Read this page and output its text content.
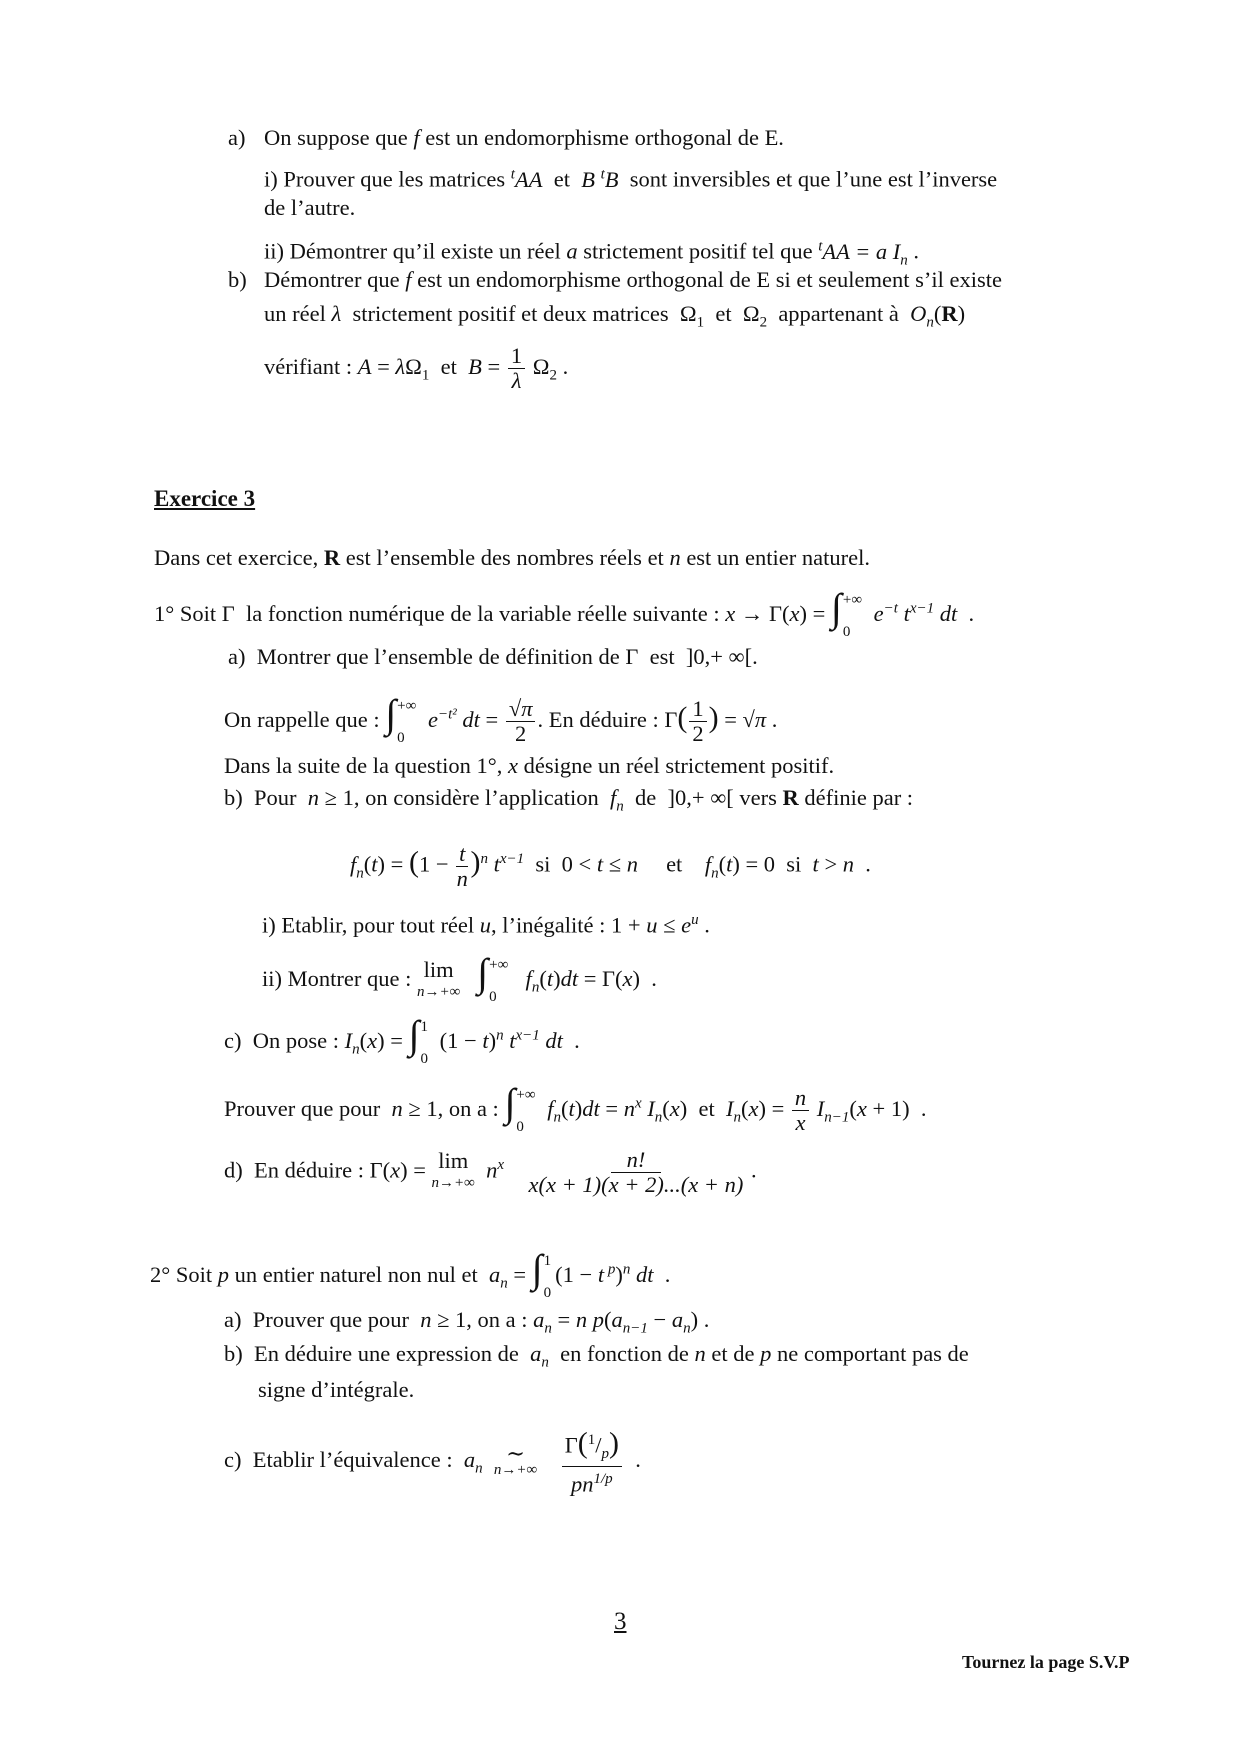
a) On suppose que f est un endomorphisme orthogonal de E.
i) Prouver que les matrices $^t$AA  et  B $^t$B  sont inversibles et que l’une est l’inverse
de l’autre.
ii) Démontrer qu’il existe un réel a strictement positif tel que $^t$AA = a $I_n$ .
b) Démontrer que f est un endomorphisme orthogonal de E si et seulement s’il existe
un réel λ  strictement positif et deux matrices  $\Omega_1$  et  $\Omega_2$  appartenant à  $O_n(R)$
vérifiant : $A = \lambda\Omega_1$  et  $B = \frac{1}{\lambda} \Omega_2$ .
Exercice 3
Dans cet exercice, R est l’ensemble des nombres réels et n est un entier naturel.
1° Soit Γ  la fonction numérique de la variable réelle suivante : x → Γ(x) = ∫+∞

0 $e^{-t}$ $t^{x-1}$ dt  .
a)  Montrer que l’ensemble de définition de Γ  est  ]0,+ ∞[.
On rappelle que : ∫+∞

0 $e^{-t^2}$ dt = $\frac{√\pi}{2}$ . En déduire : $\Gamma( \frac{1}{2}$ ) = √π .
Dans la suite de la question 1°, x désigne un réel strictement positif.
b)  Pour  n ≥ 1, on considère l’application  $f_n$  de  ]0,+ ∞[ vers R définie par :
$f_n(t) = (1 - \frac{t}{n} )^n$ $t^{x-1}$  si  0 < t ≤ n     et    $f_n(t) = 0$  si  t > n  .
i) Etablir, pour tout réel u, l’inégalité : $1 + u \le e^u$ .
ii) Montrer que : lim
n→+∞ ∫+∞

0  $f_n(t)dt = \Gamma(x)$  .
c)  On pose : $I_n(x) = \int 1$

0 $(1 - t)^n$ $t^{x-1}$ dt  .
Prouver que pour  n ≥ 1, on a : ∫+∞

0 $f_n(t)dt = n^x$ $I_n(x)$  et  $I_n(x) = \frac{n}{x} I_{n-1}(x + 1)$  .
d)  En déduire : Γ(x) = lim
n→+∞
$n^x \frac{n!}{x(x + 1)(x + 2)...(x + n)}$ .
2° Soit p un entier naturel non nul et  $a_n = \int 1$

0(1 − t $^p$)$^n$ dt  .
a)  Prouver que pour  n ≥ 1, on a : $a_n = n$ $p(a_{n-1} - a_n)$ .
b)  En déduire une expression de  $a_n$  en fonction de n et de p ne comportant pas de
signe d’intégrale.
c)  Etablir l’équivalence :  $a_n$
∼
n→+∞
$\frac{\Gamma(^1/_p)}{pn^{1/p}}$ .
3
Tournez la page S.V.P
